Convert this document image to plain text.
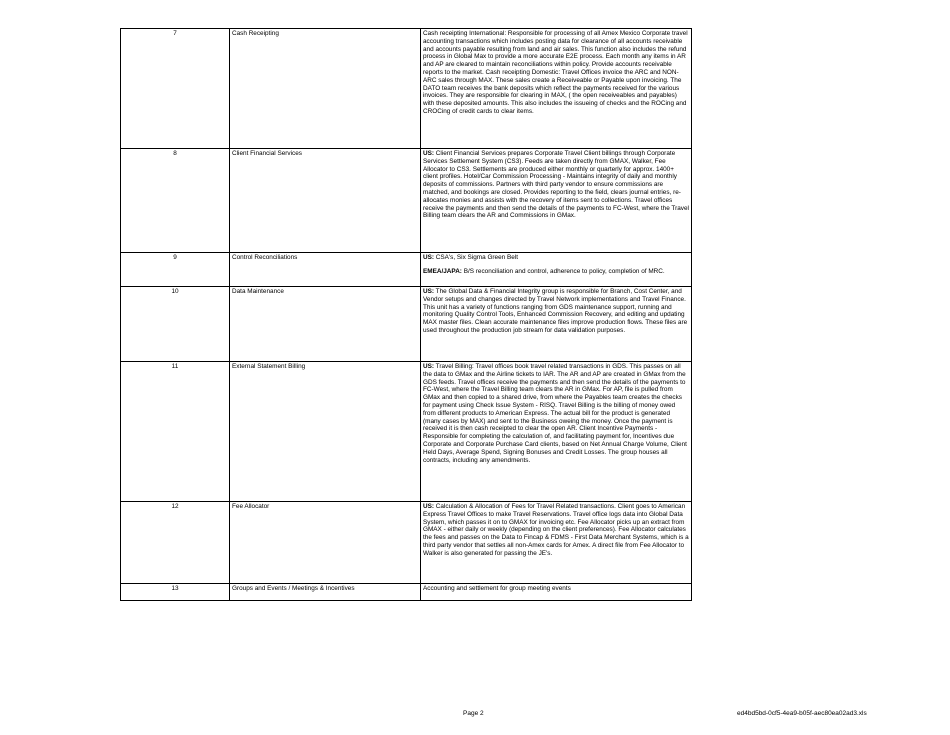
7	Cash Receipting	Cash receipting International: Responsible for processing of all Amex Mexico Corporate travel accounting transactions which includes posting data for clearance of all accounts receivable and accounts payable resulting from land and air sales. This function also includes the refund process in Global Max to provide a more accurate E2E process. Each month any items in AR and AP are cleared to maintain reconciliations within policy. Provide accounts receivable reports to the market. Cash receipting Domestic: Travel Offices invoice the ARC and NON-ARC sales through MAX. These sales create a Receiveable or Payable upon invoicing. The DATO team receives the bank deposits which reflect the payments received for the various invoices. They are responsible for clearing in MAX, ( the open receiveables and payables) with these deposited amounts. This also includes the issueing of checks and the ROCing and CROCing of credit cards to clear items.

8	Client Financial Services	US: Client Financial Services prepares Corporate Travel Client billings through Corporate Services Settlement System (CS3). Feeds are taken directly from GMAX, Walker, Fee Allocator to CS3. Settlements are produced either monthly or quarterly for approx. 1400+ client profiles. Hotel/Car Commission Processing - Maintains integrity of daily and monthly deposits of commissions. Partners with third party vendor to ensure commissions are matched, and bookings are closed. Provides reporting to the field, clears journal entries, re-allocates monies and assists with the recovery of items sent to collections. Travel offices receive the payments and then send the details of the payments to FC-West, where the Travel Billing team clears the AR and Commissions in GMax.

9	Control Reconciliations	US: CSA's, Six Sigma Green Belt
EMEA/JAPA: B/S reconciliation and control, adherence to policy, completion of MRC.

10	Data Maintenance	US: The Global Data & Financial Integrity group is responsible for Branch, Cost Center, and Vendor setups and changes directed by Travel Network implementations and Travel Finance. This unit has a variety of functions ranging from GDS maintenance support, running and monitoring Quality Control Tools, Enhanced Commission Recovery, and editing and updating MAX master files. Clean accurate maintenance files improve production flows. These files are used throughout the production job stream for data validation purposes.

11	External Statement Billing	US: Travel Billing: Travel offices book travel related transactions in GDS. This passes on all the data to GMax and the Airline tickets to IAR. The AR and AP are created in GMax from the GDS feeds. Travel offices receive the payments and then send the details of the payments to FC-West, where the Travel Billing team clears the AR in GMax. For AP, file is pulled from GMax and then copied to a shared drive, from where the Payables team creates the checks for payment using Check Issue System - RISQ. Travel Billing is the billing of money owed from different products to American Express. The actual bill for the product is generated (many cases by MAX) and sent to the Business oweing the money. Once the payment is received it is then cash receipted to clear the open AR. Client Incentive Payments - Responsible for completing the calculation of, and facilitating payment for, Incentives due Corporate and Corporate Purchase Card clients, based on Net Annual Charge Volume, Client Held Days, Average Spend, Signing Bonuses and Credit Losses. The group houses all contracts, including any amendments.

12	Fee Allocator	US: Calculation & Allocation of Fees for Travel Related transactions. Client goes to American Express Travel Offices to make Travel Reservations. Travel office logs data into Global Data System, which passes it on to GMAX for invoicing etc. Fee Allocator picks up an extract from GMAX - either daily or weekly (depending on the client preferences). Fee Allocator calculates the fees and passes on the Data to Fincap & FDMS - First Data Merchant Systems, which is a third party vendor that settles all non-Amex cards for Amex. A direct file from Fee Allocator to Walker is also generated for passing the JE's.

13	Groups and Events / Meetings & Incentives	Accounting and settlement for group meeting events
Page 2	ed4bd5bd-0cf5-4ea9-b05f-aec80ea02ad3.xls
